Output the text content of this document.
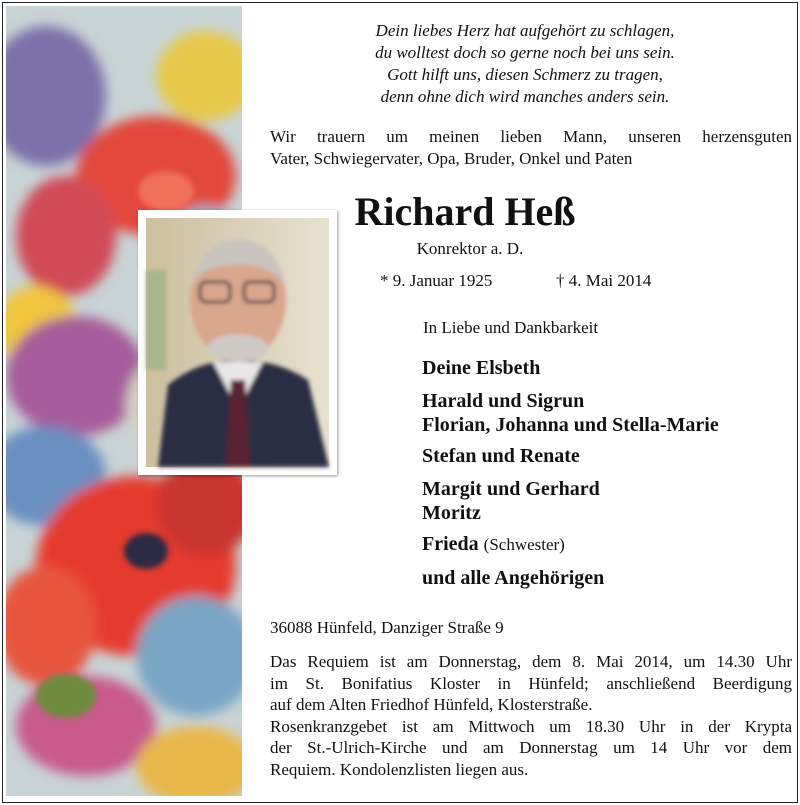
Dein liebes Herz hat aufgehört zu schlagen,
du wolltest doch so gerne noch bei uns sein.
Gott hilft uns, diesen Schmerz zu tragen,
denn ohne dich wird manches anders sein.
Wir trauern um meinen lieben Mann, unseren herzensguten
Vater, Schwiegervater, Opa, Bruder, Onkel und Paten
Richard Heß
Konrektor a. D.
* 9. Januar 1925	† 4. Mai 2014
In Liebe und Dankbarkeit
Deine Elsbeth
Harald und Sigrun
Florian, Johanna und Stella-Marie
Stefan und Renate
Margit und Gerhard
Moritz
Frieda (Schwester)
und alle Angehörigen
36088 Hünfeld, Danziger Straße 9
Das Requiem ist am Donnerstag, dem 8. Mai 2014, um 14.30 Uhr
im St. Bonifatius Kloster in Hünfeld; anschließend Beerdigung
auf dem Alten Friedhof Hünfeld, Klosterstraße.
Rosenkranzgebet ist am Mittwoch um 18.30 Uhr in der Krypta
der St.-Ulrich-Kirche und am Donnerstag um 14 Uhr vor dem
Requiem. Kondolenzlisten liegen aus.
